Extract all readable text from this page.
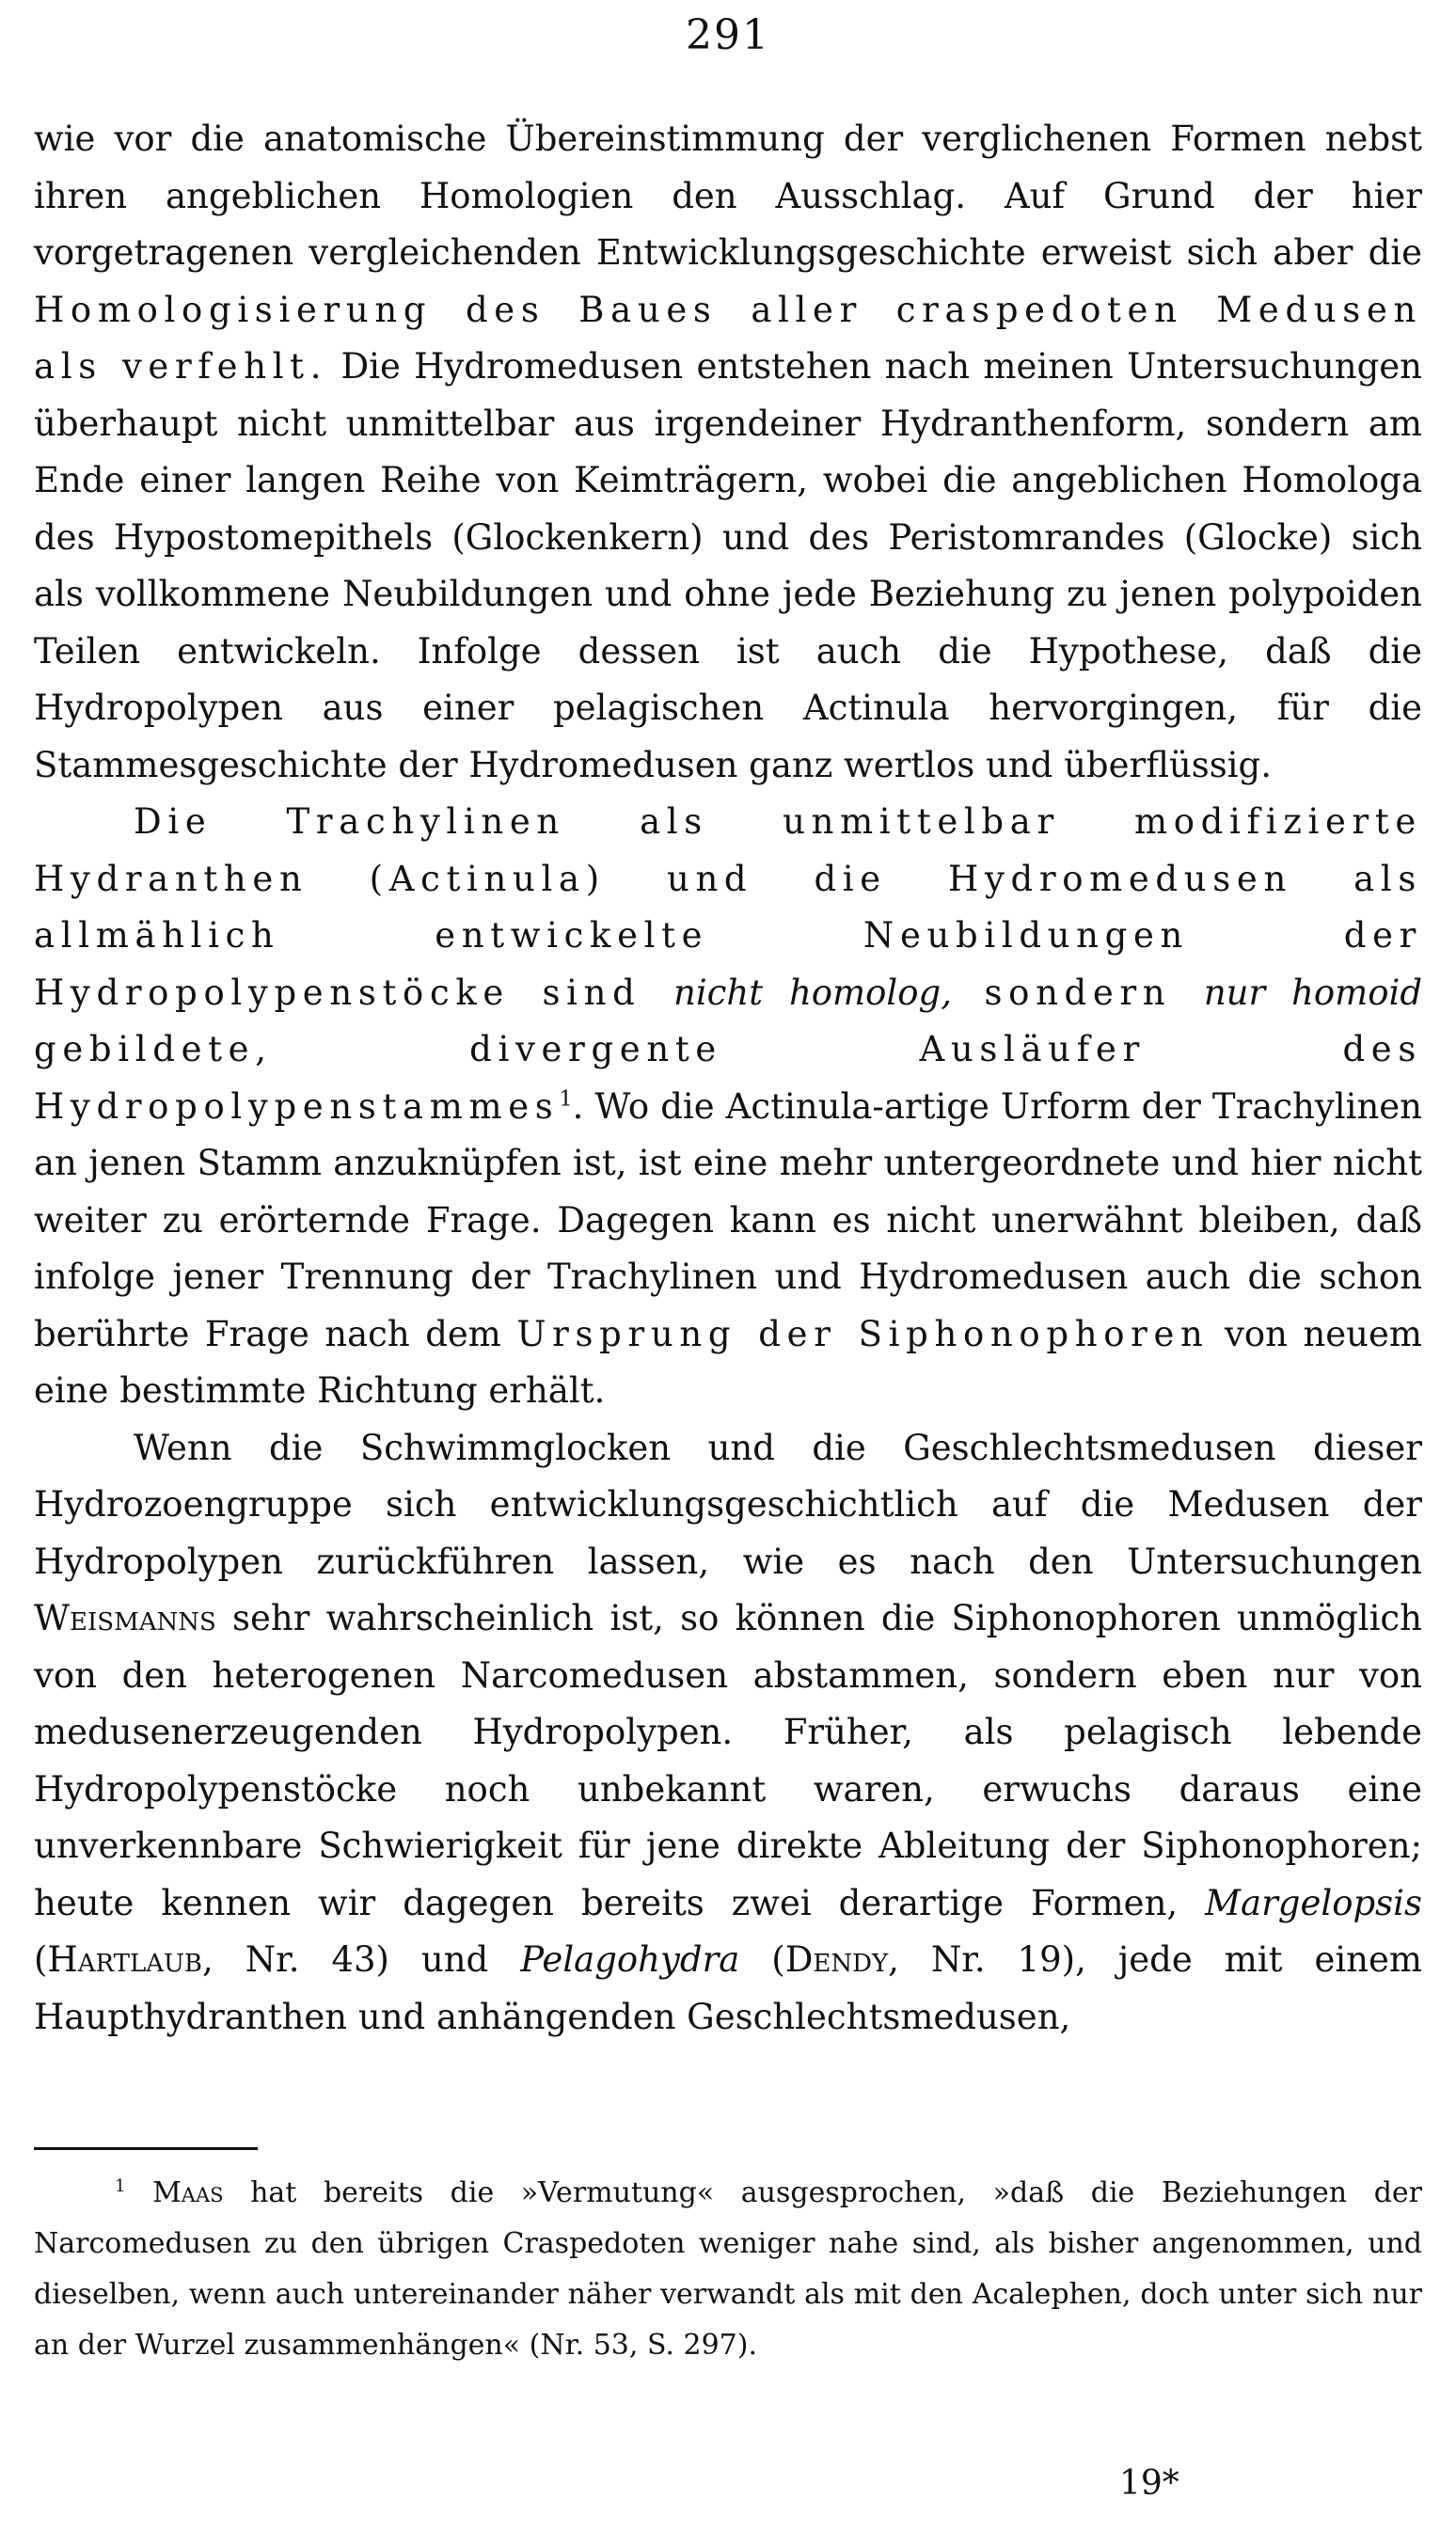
291

wie vor die anatomische Übereinstimmung der verglichenen Formen nebst ihren angeblichen Homologien den Ausschlag. Auf Grund der hier vorgetragenen vergleichenden Entwicklungsgeschichte erweist sich aber die Homologisierung des Baues aller craspedoten Medusen als verfehlt. Die Hydromedusen entstehen nach meinen Untersuchungen überhaupt nicht unmittelbar aus irgendeiner Hydranthenform, sondern am Ende einer langen Reihe von Keimträgern, wobei die angeblichen Homologa des Hypostomepithels (Glockenkern) und des Peristomrandes (Glocke) sich als vollkommene Neubildungen und ohne jede Beziehung zu jenen polypoiden Teilen entwickeln. Infolge dessen ist auch die Hypothese, daß die Hydropolypen aus einer pelagischen Actinula hervorgingen, für die Stammesgeschichte der Hydromedusen ganz wertlos und überflüssig.

Die Trachylinen als unmittelbar modifizierte Hydranthen (Actinula) und die Hydromedusen als allmählich entwickelte Neubildungen der Hydropolypenstöcke sind nicht homolog, sondern nur homoid gebildete, divergente Ausläufer des Hydropolypenstammes$^1$. Wo die Actinula-artige Urform der Trachylinen an jenen Stamm anzuknüpfen ist, ist eine mehr untergeordnete und hier nicht weiter zu erörternde Frage. Dagegen kann es nicht unerwähnt bleiben, daß infolge jener Trennung der Trachylinen und Hydromedusen auch die schon berührte Frage nach dem Ursprung der Siphonophoren von neuem eine bestimmte Richtung erhält.

Wenn die Schwimmglocken und die Geschlechtsmedusen dieser Hydrozoengruppe sich entwicklungsgeschichtlich auf die Medusen der Hydropolypen zurückführen lassen, wie es nach den Untersuchungen Weismanns sehr wahrscheinlich ist, so können die Siphonophoren unmöglich von den heterogenen Narcomedusen abstammen, sondern eben nur von medusenerzeugenden Hydropolypen. Früher, als pelagisch lebende Hydropolypenstöcke noch unbekannt waren, erwuchs daraus eine unverkennbare Schwierigkeit für jene direkte Ableitung der Siphonophoren; heute kennen wir dagegen bereits zwei derartige Formen, Margelopsis (Hartlaub, Nr. 43) und Pelagohydra (Dendy, Nr. 19), jede mit einem Haupthydranthen und anhängenden Geschlechtsmedusen,

$^1$ Maas hat bereits die »Vermutung« ausgesprochen, »daß die Beziehungen der Narcomedusen zu den übrigen Craspedoten weniger nahe sind, als bisher angenommen, und dieselben, wenn auch untereinander näher verwandt als mit den Acalephen, doch unter sich nur an der Wurzel zusammenhängen« (Nr. 53, S. 297).

19*
